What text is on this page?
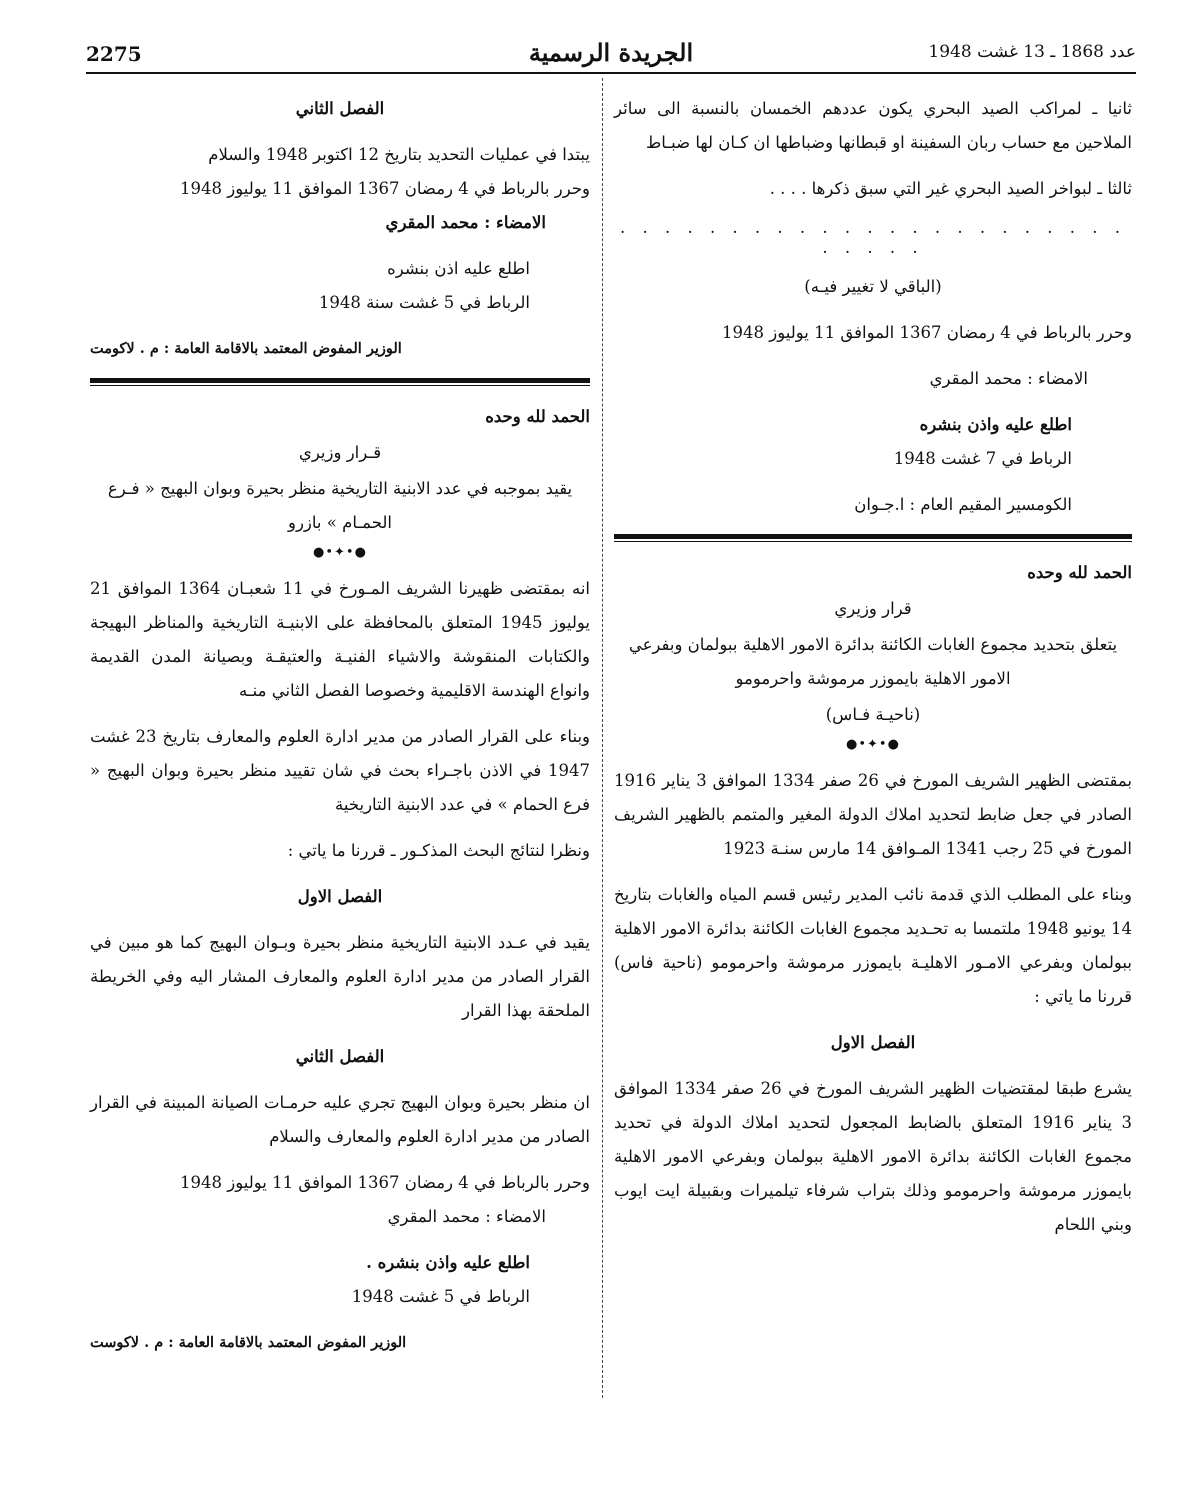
2275	الجريدة الرسمية	عدد 1868 ـ 13 غشت 1948

ثانيا ـ لمراكب الصيد البحري يكون عددهم الخمسان بالنسبة الى سائر الملاحين مع حساب ربان السفينة او قبطانها وضباطها ان كـان لها ضبـاط

ثالثا ـ لبواخر الصيد البحري غير التي سبق ذكرها . . . .

. . . . . . . . . . . . . . . . . . . . . . . . . . . .

(الباقي لا تغيير فيـه)

وحرر بالرباط في 4 رمضان 1367 الموافق 11 يوليوز 1948

الامضاء : محمد المقري

اطلع عليه واذن بنشره

الرباط في 7 غشت 1948

الكومسير المقيم العام : ا.جـوان

الحمد لله وحده

قرار وزيري

يتعلق بتحديد مجموع الغابات الكائنة بدائرة الامور الاهلية ببولمان وبفرعي الامور الاهلية بايموزر مرموشة واحرمومو

(ناحيـة فـاس)

●•✦•●

بمقتضى الظهير الشريف المورخ في 26 صفر 1334 الموافق 3 يناير 1916 الصادر في جعل ضابط لتحديد املاك الدولة المغير والمتمم بالظهير الشريف المورخ في 25 رجب 1341 المـوافق 14 مارس سنـة 1923

وبناء على المطلب الذي قدمة نائب المدير رئيس قسم المياه والغابات بتاريخ 14 يونيو 1948 ملتمسا به تحـديد مجموع الغابات الكائنة بدائرة الامور الاهلية ببولمان وبفرعي الامـور الاهليـة بايموزر مرموشة واحرمومو (ناحية فاس) قررنا ما ياتي :

الفصل الاول

يشرع طبقا لمقتضيات الظهير الشريف المورخ في 26 صفر 1334 الموافق 3 يناير 1916 المتعلق بالضابط المجعول لتحديد املاك الدولة في تحديد مجموع الغابات الكائنة بدائرة الامور الاهلية ببولمان وبفرعي الامور الاهلية بايموزر مرموشة واحرمومو وذلك بتراب شرفاء تيلميرات وبقبيلة ايت ايوب وبني اللحام

الفصل الثاني

يبتدا في عمليات التحديد بتاريخ 12 اكتوبر 1948 والسلام

وحرر بالرباط في 4 رمضان 1367 الموافق 11 يوليوز 1948

الامضاء : محمد المقري

اطلع عليه اذن بنشره

الرباط في 5 غشت سنة 1948

الوزير المفوض المعتمد بالاقامة العامة : م . لاكومت

الحمد لله وحده

قـرار وزيري

يقيد بموجبه في عدد الابنية التاريخية منظر بحيرة وبوان البهيج « فـرع الحمـام » بازرو

●•✦•●

انه بمقتضى ظهيرنا الشريف المـورخ في 11 شعبـان 1364 الموافق 21 يوليوز 1945 المتعلق بالمحافظة على الابنيـة التاريخية والمناظر البهيجة والكتابات المنقوشة والاشياء الفنيـة والعتيقـة وبصيانة المدن القديمة وانواع الهندسة الاقليمية وخصوصا الفصل الثاني منـه

وبناء على القرار الصادر من مدير ادارة العلوم والمعارف بتاريخ 23 غشت 1947 في الاذن باجـراء بحث في شان تقييد منظر بحيرة وبوان البهيج « فرع الحمام » في عدد الابنية التاريخية

ونظرا لنتائج البحث المذكـور ـ قررنا ما ياتي :

الفصل الاول

يقيد في عـدد الابنية التاريخية منظر بحيرة وبـوان البهيج كما هو مبين في القرار الصادر من مدير ادارة العلوم والمعارف المشار اليه وفي الخريطة الملحقة بهذا القرار

الفصل الثاني

ان منظر بحيرة وبوان البهيج تجري عليه حرمـات الصيانة المبينة في القرار الصادر من مدير ادارة العلوم والمعارف والسلام

وحرر بالرباط في 4 رمضان 1367 الموافق 11 يوليوز 1948

الامضاء : محمد المقري

اطلع عليه واذن بنشره .

الرباط في 5 غشت 1948

الوزير المفوض المعتمد بالاقامة العامة : م . لاكوست
